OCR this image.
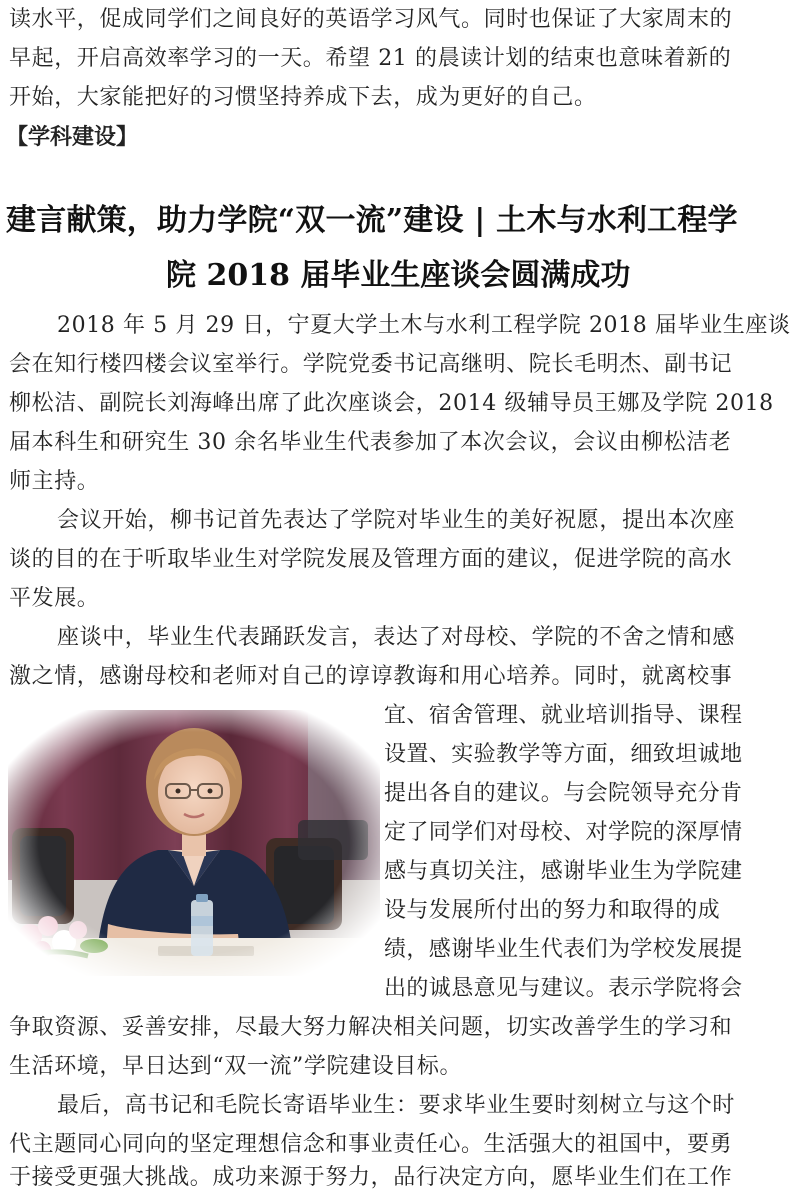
读水平，促成同学们之间良好的英语学习风气。同时也保证了大家周末的
早起，开启高效率学习的一天。希望 21 的晨读计划的结束也意味着新的
开始，大家能把好的习惯坚持养成下去，成为更好的自己。
【学科建设】
建言献策，助力学院“双一流”建设 | 土木与水利工程学
院 2018 届毕业生座谈会圆满成功
2018 年 5 月 29 日，宁夏大学土木与水利工程学院 2018 届毕业生座谈
会在知行楼四楼会议室举行。学院党委书记高继明、院长毛明杰、副书记
柳松洁、副院长刘海峰出席了此次座谈会，2014 级辅导员王娜及学院 2018
届本科生和研究生 30 余名毕业生代表参加了本次会议，会议由柳松洁老
师主持。
会议开始，柳书记首先表达了学院对毕业生的美好祝愿，提出本次座
谈的目的在于听取毕业生对学院发展及管理方面的建议，促进学院的高水
平发展。
座谈中，毕业生代表踊跃发言，表达了对母校、学院的不舍之情和感
激之情，感谢母校和老师对自己的谆谆教诲和用心培养。同时，就离校事
宜、宿舍管理、就业培训指导、课程
设置、实验教学等方面，细致坦诚地
提出各自的建议。与会院领导充分肯
定了同学们对母校、对学院的深厚情
感与真切关注，感谢毕业生为学院建
设与发展所付出的努力和取得的成
绩，感谢毕业生代表们为学校发展提
出的诚恳意见与建议。表示学院将会
争取资源、妥善安排，尽最大努力解决相关问题，切实改善学生的学习和
生活环境，早日达到“双一流”学院建设目标。
最后，高书记和毛院长寄语毕业生：要求毕业生要时刻树立与这个时
代主题同心同向的坚定理想信念和事业责任心。生活强大的祖国中，要勇
于接受更强大挑战。成功来源于努力，品行决定方向，愿毕业生们在工作
